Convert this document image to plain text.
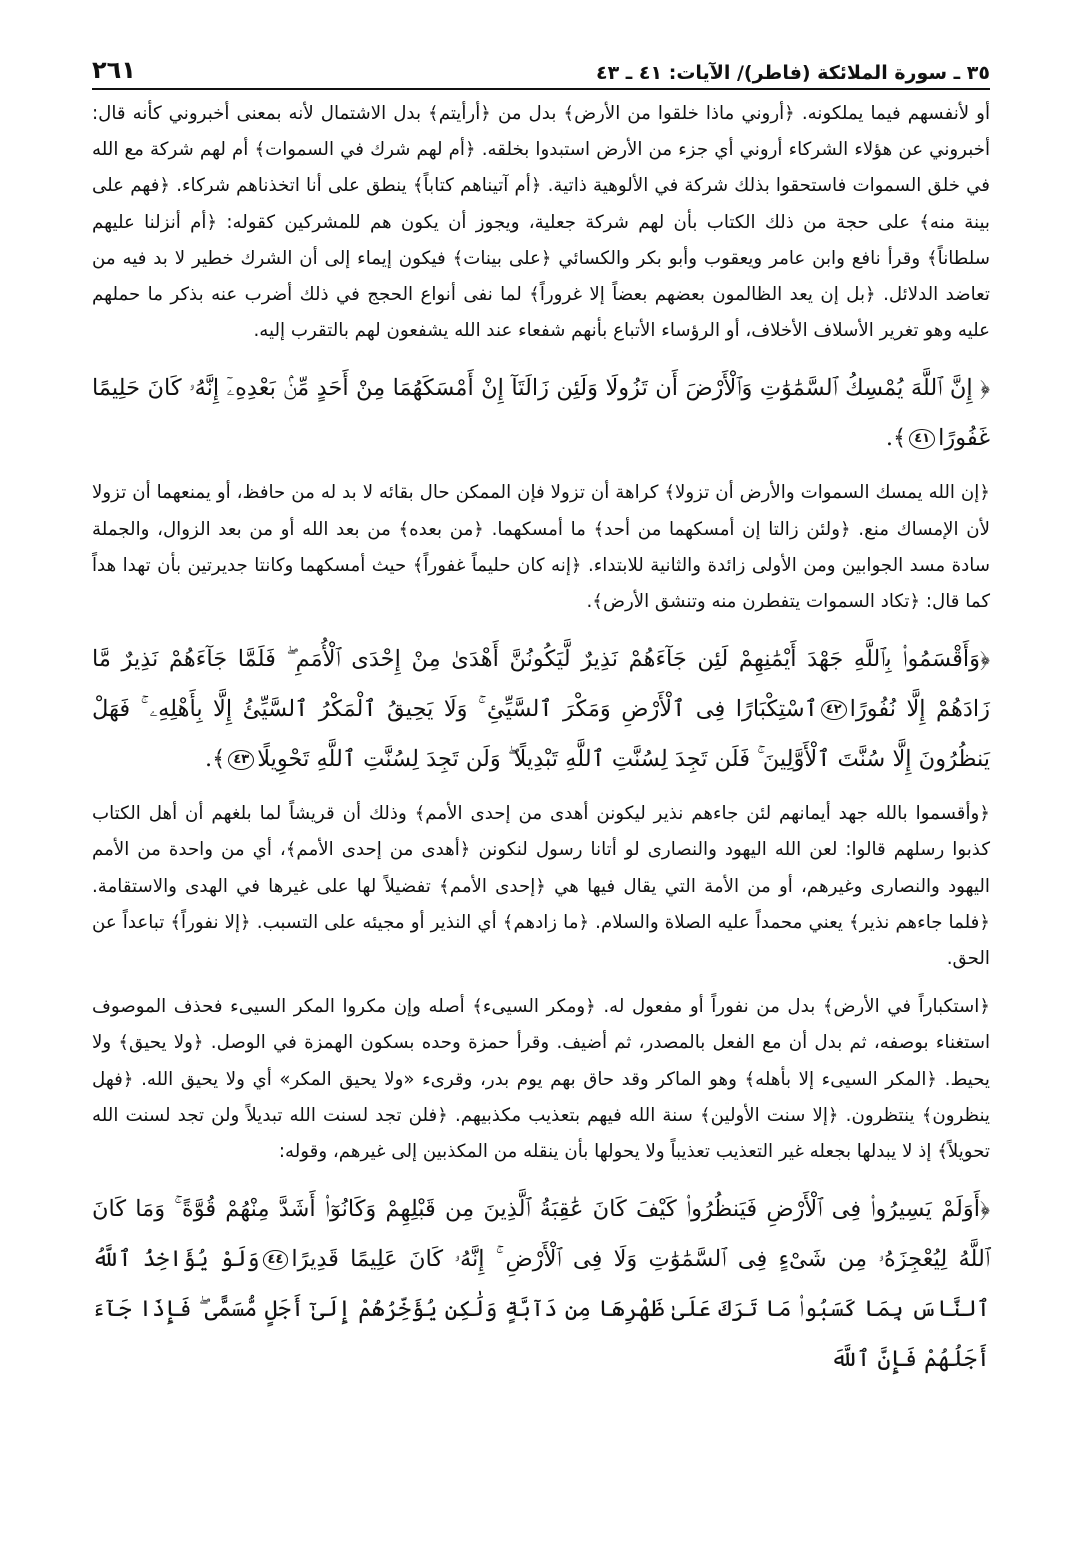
٣٥ ـ سورة الملائكة (فاطر)/ الآيات: ٤١ ـ ٤٣
٢٦١

أو لأنفسهم فيما يملكونه. ﴿أروني ماذا خلقوا من الأرض﴾ بدل من ﴿أرأيتم﴾ بدل الاشتمال لأنه بمعنى أخبروني كأنه قال: أخبروني عن هؤلاء الشركاء أروني أي جزء من الأرض استبدوا بخلقه. ﴿أم لهم شرك في السموات﴾ أم لهم شركة مع الله في خلق السموات فاستحقوا بذلك شركة في الألوهية ذاتية. ﴿أم آتيناهم كتاباً﴾ ينطق على أنا اتخذناهم شركاء. ﴿فهم على بينة منه﴾ على حجة من ذلك الكتاب بأن لهم شركة جعلية، ويجوز أن يكون هم للمشركين كقوله: ﴿أم أنزلنا عليهم سلطاناً﴾ وقرأ نافع وابن عامر ويعقوب وأبو بكر والكسائي ﴿على بينات﴾ فيكون إيماء إلى أن الشرك خطير لا بد فيه من تعاضد الدلائل. ﴿بل إن يعد الظالمون بعضهم بعضاً إلا غروراً﴾ لما نفى أنواع الحجج في ذلك أضرب عنه بذكر ما حملهم عليه وهو تغرير الأسلاف الأخلاف، أو الرؤساء الأتباع بأنهم شفعاء عند الله يشفعون لهم بالتقرب إليه.

﴿ إِنَّ ٱللَّهَ يُمْسِكُ ٱلسَّمَٰوَٰتِ وَٱلْأَرْضَ أَن تَزُولَا وَلَئِن زَالَتَآ إِنْ أَمْسَكَهُمَا مِنْ أَحَدٍ مِّنۢ بَعْدِهِۦٓ إِنَّهُۥ كَانَ حَلِيمًا غَفُورًا٤١﴾.

﴿إن الله يمسك السموات والأرض أن تزولا﴾ كراهة أن تزولا فإن الممكن حال بقائه لا بد له من حافظ، أو يمنعهما أن تزولا لأن الإمساك منع. ﴿ولئن زالتا إن أمسكهما من أحد﴾ ما أمسكهما. ﴿من بعده﴾ من بعد الله أو من بعد الزوال، والجملة سادة مسد الجوابين ومن الأولى زائدة والثانية للابتداء. ﴿إنه كان حليماً غفوراً﴾ حيث أمسكهما وكانتا جديرتين بأن تهدا هداً كما قال: ﴿تكاد السموات يتفطرن منه وتنشق الأرض﴾.

﴿وَأَقْسَمُوا۟ بِٱللَّهِ جَهْدَ أَيْمَٰنِهِمْ لَئِن جَآءَهُمْ نَذِيرٌ لَّيَكُونُنَّ أَهْدَىٰ مِنْ إِحْدَى ٱلْأُمَمِ ۖ فَلَمَّا جَآءَهُمْ نَذِيرٌ مَّا زَادَهُمْ إِلَّا نُفُورًا٤٢ٱسْتِكْبَارًا فِى ٱلْأَرْضِ وَمَكْرَ ٱلسَّيِّئِ ۚ وَلَا يَحِيقُ ٱلْمَكْرُ ٱلسَّيِّئُ إِلَّا بِأَهْلِهِۦ ۚ فَهَلْ يَنظُرُونَ إِلَّا سُنَّتَ ٱلْأَوَّلِينَ ۚ فَلَن تَجِدَ لِسُنَّتِ ٱللَّهِ تَبْدِيلًا ۖ وَلَن تَجِدَ لِسُنَّتِ ٱللَّهِ تَحْوِيلًا٤٣﴾.

﴿وأقسموا بالله جهد أيمانهم لئن جاءهم نذير ليكونن أهدى من إحدى الأمم﴾ وذلك أن قريشاً لما بلغهم أن أهل الكتاب كذبوا رسلهم قالوا: لعن الله اليهود والنصارى لو أتانا رسول لنكونن ﴿أهدى من إحدى الأمم﴾، أي من واحدة من الأمم اليهود والنصارى وغيرهم، أو من الأمة التي يقال فيها هي ﴿إحدى الأمم﴾ تفضيلاً لها على غيرها في الهدى والاستقامة. ﴿فلما جاءهم نذير﴾ يعني محمداً عليه الصلاة والسلام. ﴿ما زادهم﴾ أي النذير أو مجيئه على التسبب. ﴿إلا نفوراً﴾ تباعداً عن الحق.

﴿استكباراً في الأرض﴾ بدل من نفوراً أو مفعول له. ﴿ومكر السيىء﴾ أصله وإن مكروا المكر السيىء فحذف الموصوف استغناء بوصفه، ثم بدل أن مع الفعل بالمصدر، ثم أضيف. وقرأ حمزة وحده بسكون الهمزة في الوصل. ﴿ولا يحيق﴾ ولا يحيط. ﴿المكر السيىء إلا بأهله﴾ وهو الماكر وقد حاق بهم يوم بدر، وقرىء «ولا يحيق المكر» أي ولا يحيق الله. ﴿فهل ينظرون﴾ ينتظرون. ﴿إلا سنت الأولين﴾ سنة الله فيهم بتعذيب مكذبيهم. ﴿فلن تجد لسنت الله تبديلاً ولن تجد لسنت الله تحويلاً﴾ إذ لا يبدلها بجعله غير التعذيب تعذيباً ولا يحولها بأن ينقله من المكذبين إلى غيرهم، وقوله:

﴿أَوَلَمْ يَسِيرُوا۟ فِى ٱلْأَرْضِ فَيَنظُرُوا۟ كَيْفَ كَانَ عَٰقِبَةُ ٱلَّذِينَ مِن قَبْلِهِمْ وَكَانُوٓا۟ أَشَدَّ مِنْهُمْ قُوَّةً ۚ وَمَا كَانَ ٱللَّهُ لِيُعْجِزَهُۥ مِن شَىْءٍ فِى ٱلسَّمَٰوَٰتِ وَلَا فِى ٱلْأَرْضِ ۚ إِنَّهُۥ كَانَ عَلِيمًا قَدِيرًا٤٤وَلَوْ يُؤَاخِذُ ٱللَّهُ ٱلنَّاسَ بِمَا كَسَبُوا۟ مَا تَرَكَ عَلَىٰ ظَهْرِهَا مِن دَآبَّةٍ وَلَٰكِن يُؤَخِّرُهُمْ إِلَىٰٓ أَجَلٍ مُّسَمًّى ۖ فَإِذَا جَآءَ أَجَلُهُمْ فَإِنَّ ٱللَّهَ
